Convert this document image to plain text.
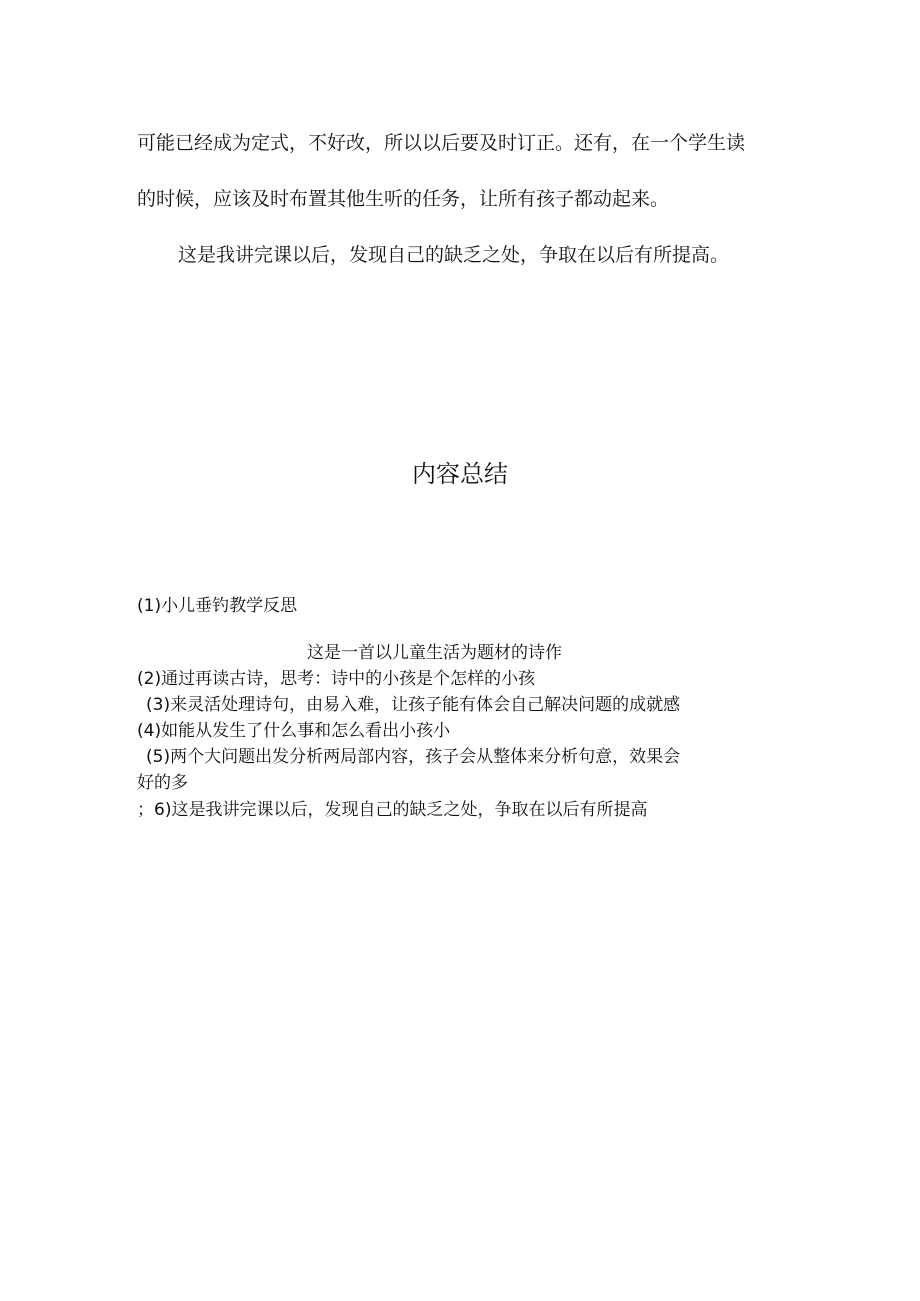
可能已经成为定式，不好改，所以以后要及时订正。还有，在一个学生读
的时候，应该及时布置其他生听的任务，让所有孩子都动起来。
这是我讲完课以后，发现自己的缺乏之处，争取在以后有所提高。
内容总结
(1)小儿垂钓教学反思
这是一首以儿童生活为题材的诗作
(2)通过再读古诗，思考：诗中的小孩是个怎样的小孩
(3)来灵活处理诗句，由易入难，让孩子能有体会自己解决问题的成就感
(4)如能从发生了什么事和怎么看出小孩小
(5)两个大问题出发分析两局部内容，孩子会从整体来分析句意，效果会
好的多
；6)这是我讲完课以后，发现自己的缺乏之处，争取在以后有所提高
